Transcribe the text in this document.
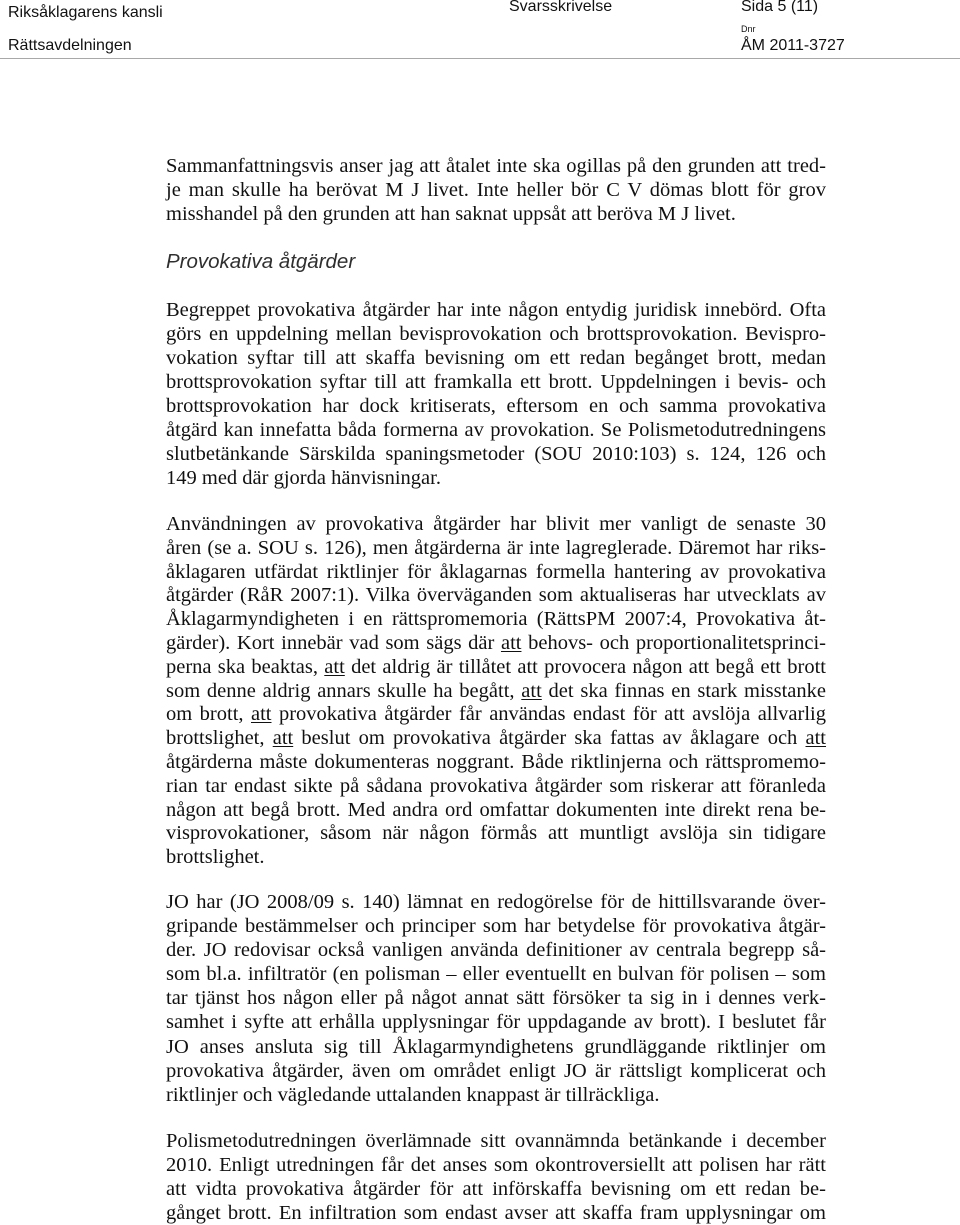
Riksåklagarens kansli
Rättsavdelningen
Svarsskrivelse	Sida 5 (11)
Dnr
ÅM 2011-3727
Sammanfattningsvis anser jag att åtalet inte ska ogillas på den grunden att tred-
je man skulle ha berövat M J livet. Inte heller bör C V dömas blott för grov
misshandel på den grunden att han saknat uppsåt att beröva M J livet.
Provokativa åtgärder
Begreppet provokativa åtgärder har inte någon entydig juridisk innebörd. Ofta
görs en uppdelning mellan bevisprovokation och brottsprovokation. Bevispro-
vokation syftar till att skaffa bevisning om ett redan begånget brott, medan
brottsprovokation syftar till att framkalla ett brott. Uppdelningen i bevis- och
brottsprovokation har dock kritiserats, eftersom en och samma provokativa
åtgärd kan innefatta båda formerna av provokation. Se Polismetodutredningens
slutbetänkande Särskilda spaningsmetoder (SOU 2010:103) s. 124, 126 och
149 med där gjorda hänvisningar.
Användningen av provokativa åtgärder har blivit mer vanligt de senaste 30
åren (se a. SOU s. 126), men åtgärderna är inte lagreglerade. Däremot har riks-
åklagaren utfärdat riktlinjer för åklagarnas formella hantering av provokativa
åtgärder (RåR 2007:1). Vilka överväganden som aktualiseras har utvecklats av
Åklagarmyndigheten i en rättspromemoria (RättsPM 2007:4, Provokativa åt-
gärder). Kort innebär vad som sägs där att behovs- och proportionalitetsprinci-
perna ska beaktas, att det aldrig är tillåtet att provocera någon att begå ett brott
som denne aldrig annars skulle ha begått, att det ska finnas en stark misstanke
om brott, att provokativa åtgärder får användas endast för att avslöja allvarlig
brottslighet, att beslut om provokativa åtgärder ska fattas av åklagare och att
åtgärderna måste dokumenteras noggrant. Både riktlinjerna och rättspromemo-
rian tar endast sikte på sådana provokativa åtgärder som riskerar att föranleda
någon att begå brott. Med andra ord omfattar dokumenten inte direkt rena be-
visprovokationer, såsom när någon förmås att muntligt avslöja sin tidigare
brottslighet.
JO har (JO 2008/09 s. 140) lämnat en redogörelse för de hittillsvarande över-
gripande bestämmelser och principer som har betydelse för provokativa åtgär-
der. JO redovisar också vanligen använda definitioner av centrala begrepp så-
som bl.a. infiltratör (en polisman – eller eventuellt en bulvan för polisen – som
tar tjänst hos någon eller på något annat sätt försöker ta sig in i dennes verk-
samhet i syfte att erhålla upplysningar för uppdagande av brott). I beslutet får
JO anses ansluta sig till Åklagarmyndighetens grundläggande riktlinjer om
provokativa åtgärder, även om området enligt JO är rättsligt komplicerat och
riktlinjer och vägledande uttalanden knappast är tillräckliga.
Polismetodutredningen överlämnade sitt ovannämnda betänkande i december
2010. Enligt utredningen får det anses som okontroversiellt att polisen har rätt
att vidta provokativa åtgärder för att införskaffa bevisning om ett redan be-
gånget brott. En infiltration som endast avser att skaffa fram upplysningar om
